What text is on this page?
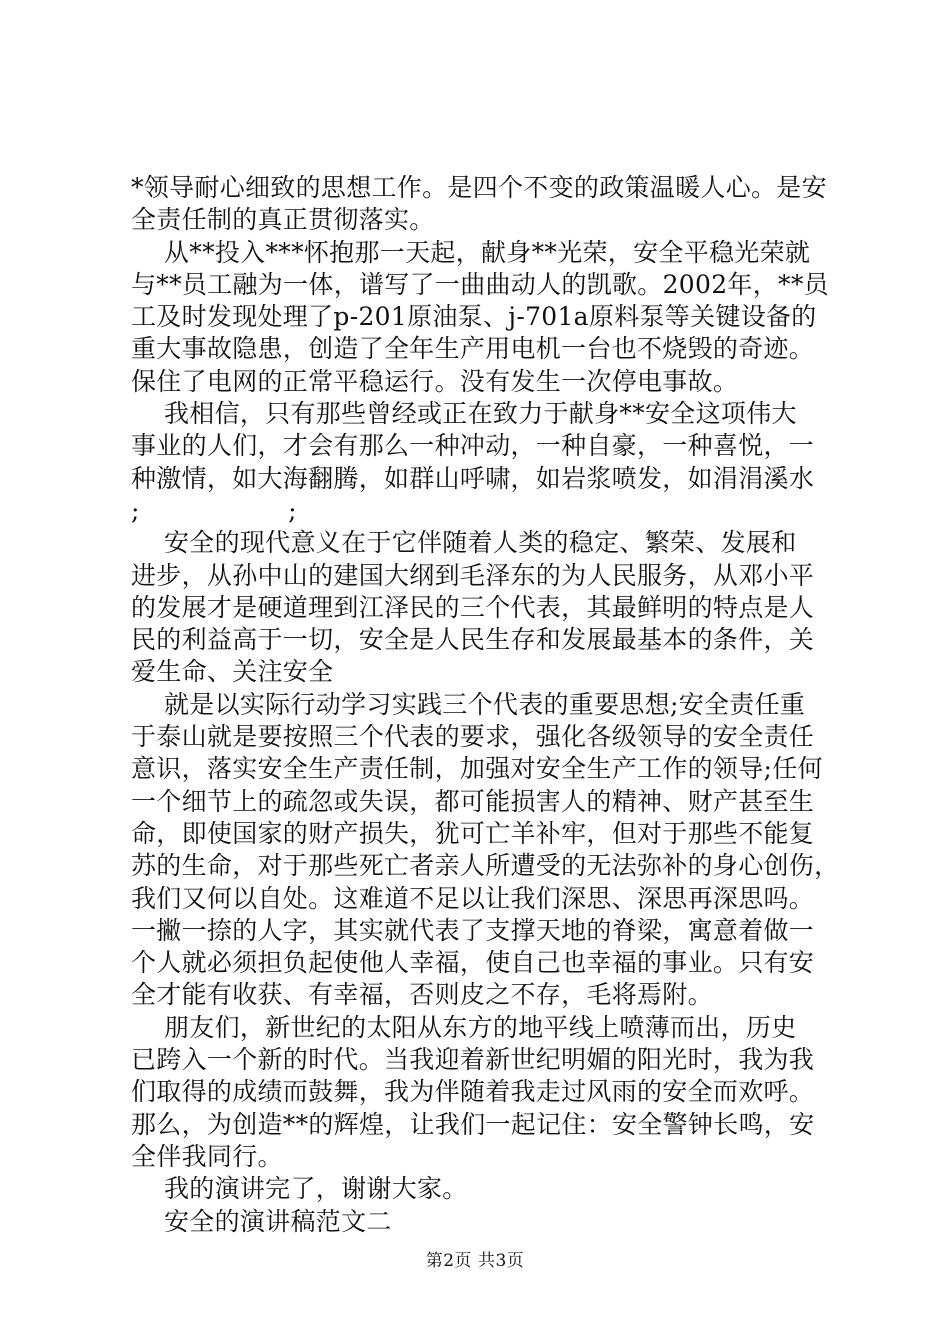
*领导耐心细致的思想工作。是四个不变的政策温暖人心。是安
全责任制的真正贯彻落实。
从**投入***怀抱那一天起，献身**光荣，安全平稳光荣就
与**员工融为一体，谱写了一曲曲动人的凯歌。2002年，**员
工及时发现处理了p-201原油泵、j-701a原料泵等关键设备的
重大事故隐患，创造了全年生产用电机一台也不烧毁的奇迹。
保住了电网的正常平稳运行。没有发生一次停电事故。
我相信，只有那些曾经或正在致力于献身**安全这项伟大
事业的人们，才会有那么一种冲动，一种自豪，一种喜悦，一
种激情，如大海翻腾，如群山呼啸，如岩浆喷发，如涓涓溪水
;                  ;
安全的现代意义在于它伴随着人类的稳定、繁荣、发展和
进步，从孙中山的建国大纲到毛泽东的为人民服务，从邓小平
的发展才是硬道理到江泽民的三个代表，其最鲜明的特点是人
民的利益高于一切，安全是人民生存和发展最基本的条件，关
爱生命、关注安全
就是以实际行动学习实践三个代表的重要思想;安全责任重
于泰山就是要按照三个代表的要求，强化各级领导的安全责任
意识，落实安全生产责任制，加强对安全生产工作的领导;任何
一个细节上的疏忽或失误，都可能损害人的精神、财产甚至生
命，即使国家的财产损失，犹可亡羊补牢，但对于那些不能复
苏的生命，对于那些死亡者亲人所遭受的无法弥补的身心创伤，
我们又何以自处。这难道不足以让我们深思、深思再深思吗。
一撇一捺的人字，其实就代表了支撑天地的脊梁，寓意着做一
个人就必须担负起使他人幸福，使自己也幸福的事业。只有安
全才能有收获、有幸福，否则皮之不存，毛将焉附。
朋友们，新世纪的太阳从东方的地平线上喷薄而出，历史
已跨入一个新的时代。当我迎着新世纪明媚的阳光时，我为我
们取得的成绩而鼓舞，我为伴随着我走过风雨的安全而欢呼。
那么，为创造**的辉煌，让我们一起记住：安全警钟长鸣，安
全伴我同行。
我的演讲完了，谢谢大家。
安全的演讲稿范文二
第2页 共3页
